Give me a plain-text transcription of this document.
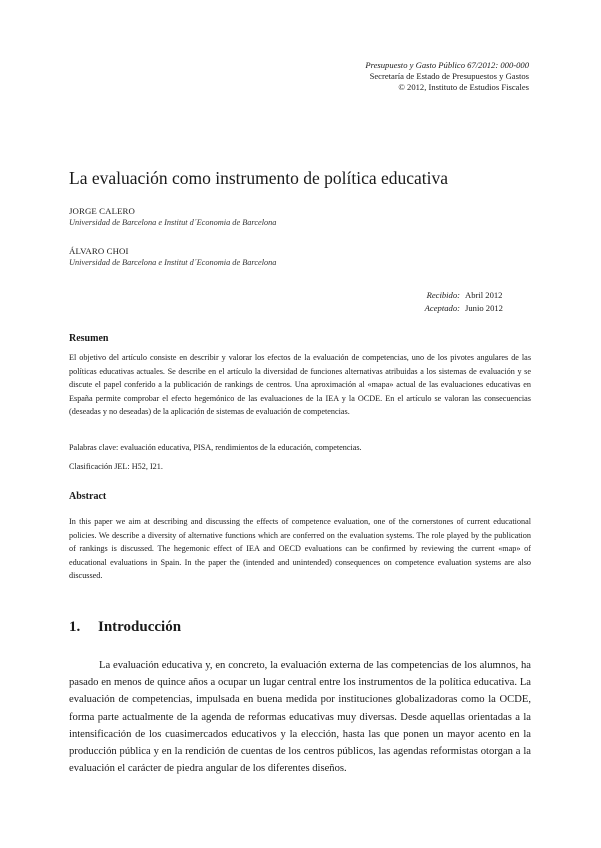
Presupuesto y Gasto Público 67/2012: 000-000
Secretaría de Estado de Presupuestos y Gastos
© 2012, Instituto de Estudios Fiscales
La evaluación como instrumento de política educativa
JORGE CALERO
Universidad de Barcelona e Institut d´Economia de Barcelona
ÁLVARO CHOI
Universidad de Barcelona e Institut d´Economia de Barcelona
Recibido: Abril 2012
Aceptado: Junio 2012
Resumen
El objetivo del artículo consiste en describir y valorar los efectos de la evaluación de competencias, uno de los pivotes angulares de las políticas educativas actuales. Se describe en el artículo la diversidad de funciones alternativas atribuidas a los sistemas de evaluación y se discute el papel conferido a la publicación de rankings de centros. Una aproximación al «mapa» actual de las evaluaciones educativas en España permite comprobar el efecto hegemónico de las evaluaciones de la IEA y la OCDE. En el artículo se valoran las consecuencias (deseadas y no deseadas) de la aplicación de sistemas de evaluación de competencias.
Palabras clave: evaluación educativa, PISA, rendimientos de la educación, competencias.
Clasificación JEL: H52, I21.
Abstract
In this paper we aim at describing and discussing the effects of competence evaluation, one of the cornerstones of current educational policies. We describe a diversity of alternative functions which are conferred on the evaluation systems. The role played by the publication of rankings is discussed. The hegemonic effect of IEA and OECD evaluations can be confirmed by reviewing the current «map» of educational evaluations in Spain. In the paper the (intended and unintended) consequences on competence evaluation systems are also discussed.
1. Introducción
La evaluación educativa y, en concreto, la evaluación externa de las competencias de los alumnos, ha pasado en menos de quince años a ocupar un lugar central entre los instrumentos de la política educativa. La evaluación de competencias, impulsada en buena medida por instituciones globalizadoras como la OCDE, forma parte actualmente de la agenda de reformas educativas muy diversas. Desde aquellas orientadas a la intensificación de los cuasimercados educativos y la elección, hasta las que ponen un mayor acento en la producción pública y en la rendición de cuentas de los centros públicos, las agendas reformistas otorgan a la evaluación el carácter de piedra angular de los diferentes diseños.
